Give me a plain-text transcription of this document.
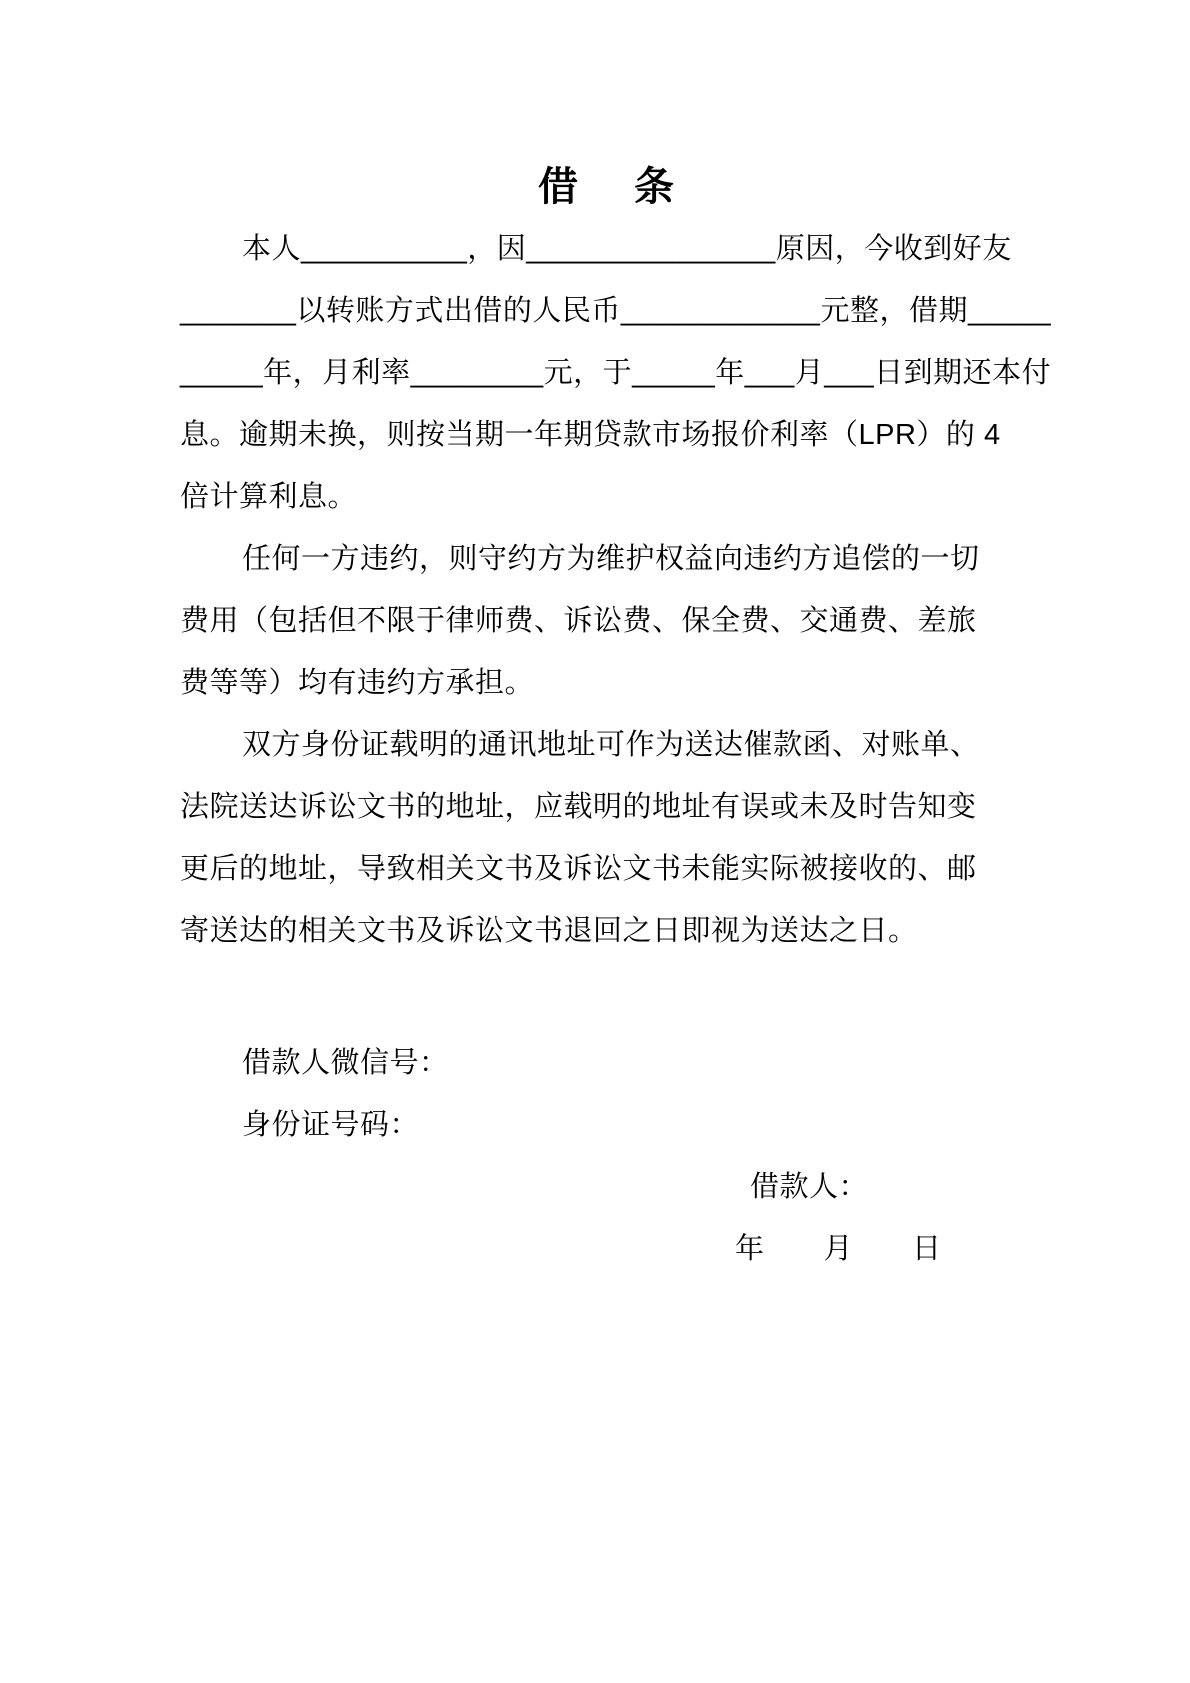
借　条
本人__________，因_______________原因，今收到好友
_______以转账方式出借的人民币____________元整，借期_____
_____年，月利率________元，于_____年___月___日到期还本付
息。逾期未换，则按当期一年期贷款市场报价利率（LPR）的 4
倍计算利息。
任何一方违约，则守约方为维护权益向违约方追偿的一切
费用（包括但不限于律师费、诉讼费、保全费、交通费、差旅
费等等）均有违约方承担。
双方身份证载明的通讯地址可作为送达催款函、对账单、
法院送达诉讼文书的地址，应载明的地址有误或未及时告知变
更后的地址，导致相关文书及诉讼文书未能实际被接收的、邮
寄送达的相关文书及诉讼文书退回之日即视为送达之日。
借款人微信号：
身份证号码：
借款人：
年　　月　　日
